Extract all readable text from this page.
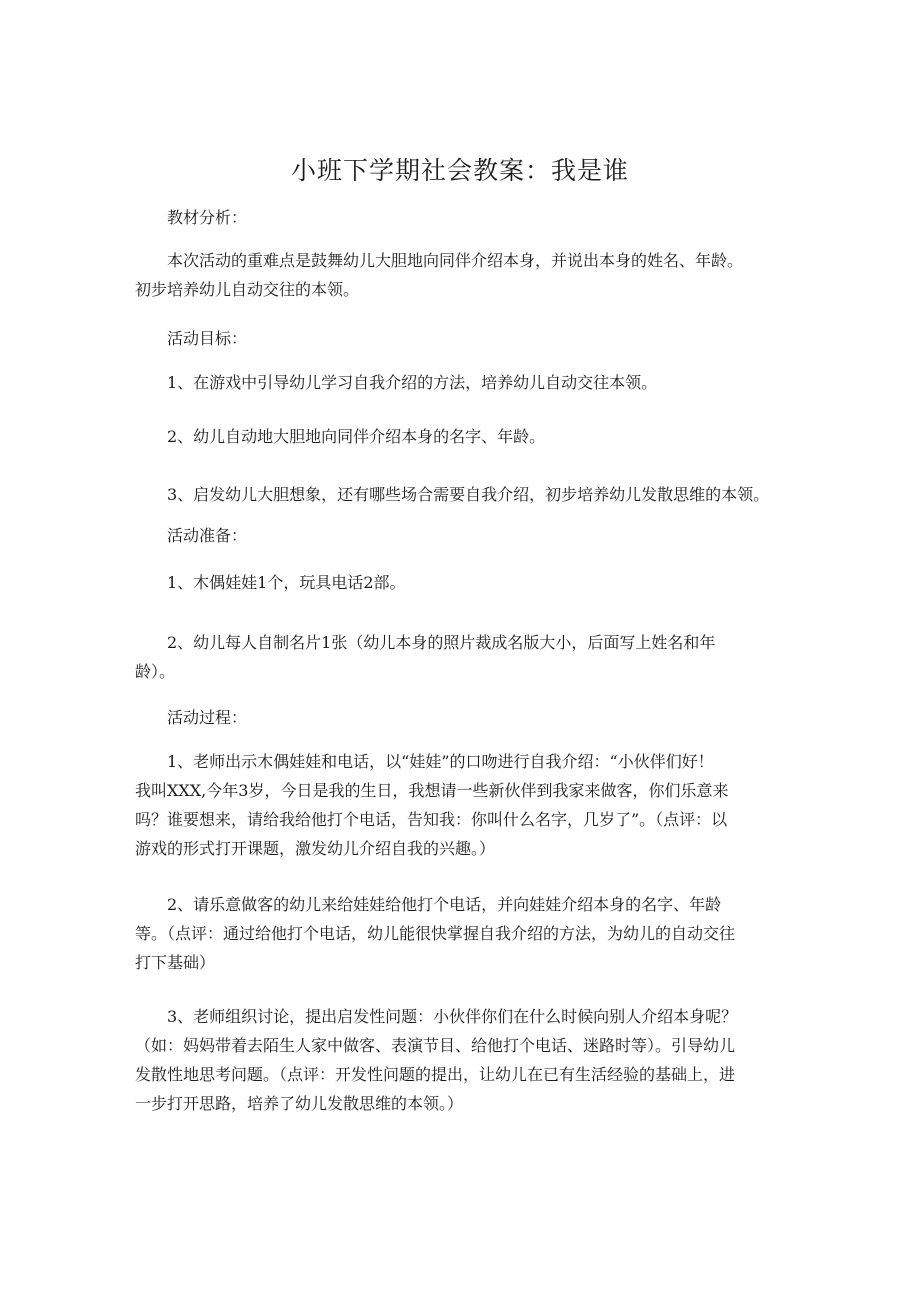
小班下学期社会教案：我是谁
教材分析：
本次活动的重难点是鼓舞幼儿大胆地向同伴介绍本身，并说出本身的姓名、年龄。
初步培养幼儿自动交往的本领。
活动目标：
1、在游戏中引导幼儿学习自我介绍的方法，培养幼儿自动交往本领。
2、幼儿自动地大胆地向同伴介绍本身的名字、年龄。
3、启发幼儿大胆想象，还有哪些场合需要自我介绍，初步培养幼儿发散思维的本领。
活动准备：
1、木偶娃娃1个，玩具电话2部。
2、幼儿每人自制名片1张（幼儿本身的照片裁成名版大小，后面写上姓名和年
龄）。
活动过程：
1、老师出示木偶娃娃和电话，以“娃娃”的口吻进行自我介绍：“小伙伴们好！
我叫XXX,今年3岁，今日是我的生日，我想请一些新伙伴到我家来做客，你们乐意来
吗？谁要想来，请给我给他打个电话，告知我：你叫什么名字，几岁了”。（点评：以
游戏的形式打开课题，激发幼儿介绍自我的兴趣。）
2、请乐意做客的幼儿来给娃娃给他打个电话，并向娃娃介绍本身的名字、年龄
等。（点评：通过给他打个电话，幼儿能很快掌握自我介绍的方法，为幼儿的自动交往
打下基础）
3、老师组织讨论，提出启发性问题：小伙伴你们在什么时候向别人介绍本身呢？
（如：妈妈带着去陌生人家中做客、表演节目、给他打个电话、迷路时等）。引导幼儿
发散性地思考问题。（点评：开发性问题的提出，让幼儿在已有生活经验的基础上，进
一步打开思路，培养了幼儿发散思维的本领。）
